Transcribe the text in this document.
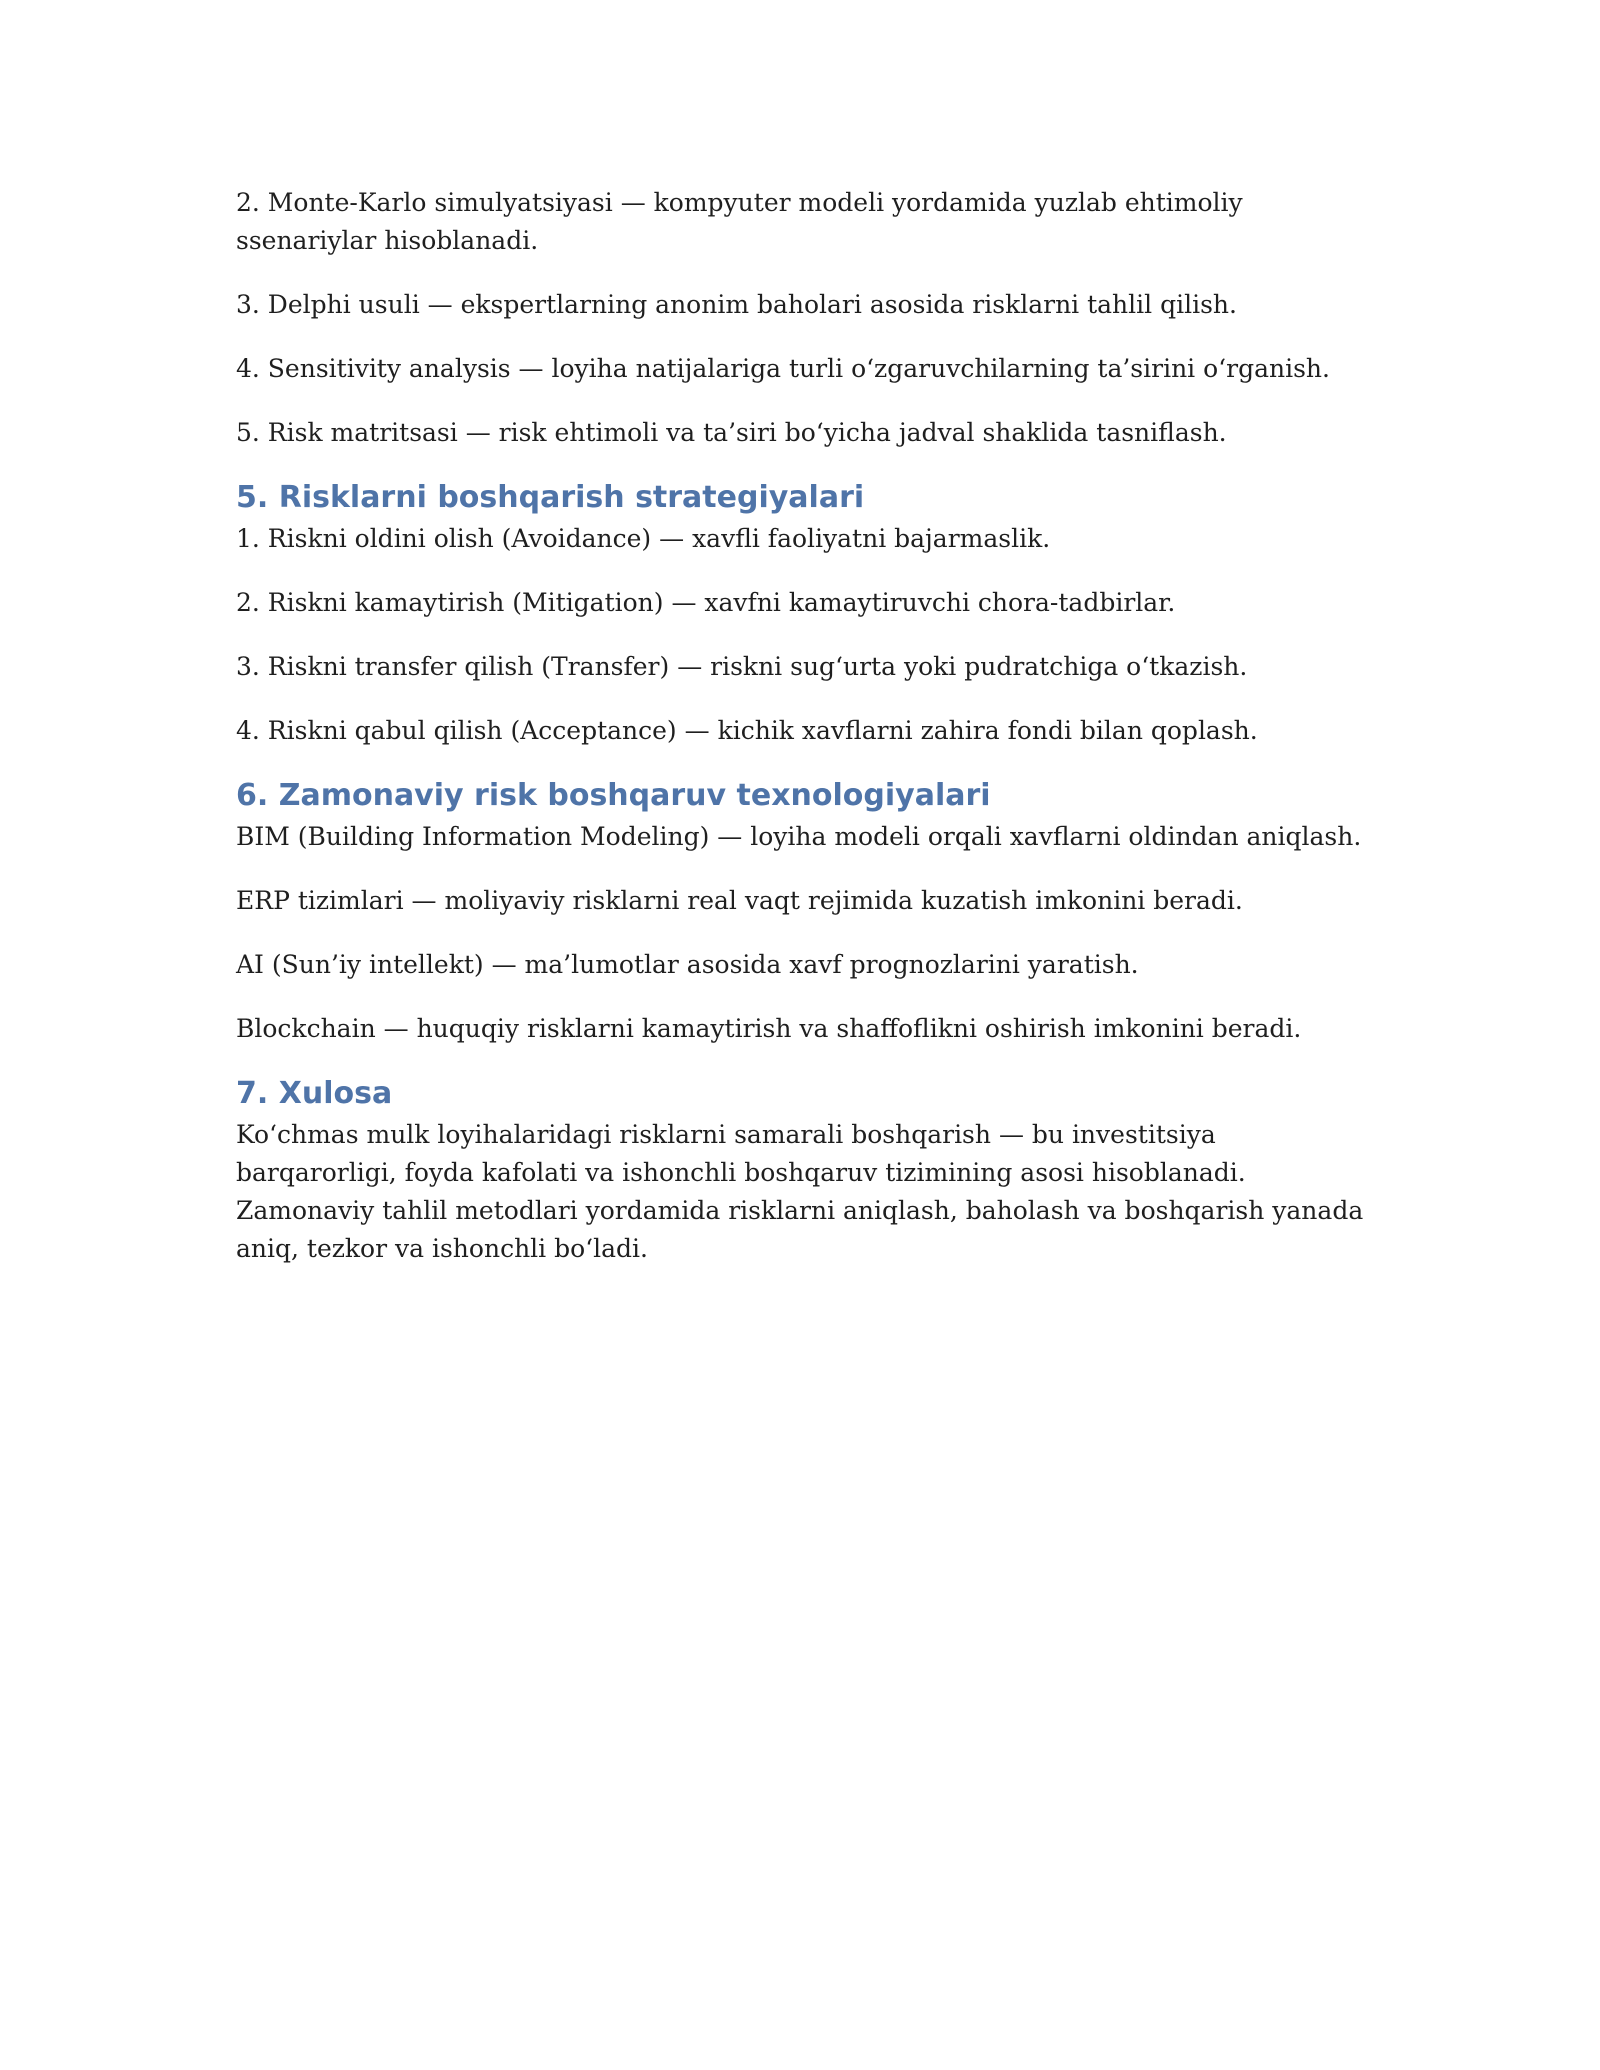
2. Monte-Karlo simulyatsiyasi — kompyuter modeli yordamida yuzlab ehtimoliy ssenariylar hisoblanadi.

3. Delphi usuli — ekspertlarning anonim baholari asosida risklarni tahlil qilish.

4. Sensitivity analysis — loyiha natijalariga turli o‘zgaruvchilarning ta’sirini o‘rganish.

5. Risk matritsasi — risk ehtimoli va ta’siri bo‘yicha jadval shaklida tasniflash.

5. Risklarni boshqarish strategiyalari

1. Riskni oldini olish (Avoidance) — xavfli faoliyatni bajarmaslik.

2. Riskni kamaytirish (Mitigation) — xavfni kamaytiruvchi chora-tadbirlar.

3. Riskni transfer qilish (Transfer) — riskni sug‘urta yoki pudratchiga o‘tkazish.

4. Riskni qabul qilish (Acceptance) — kichik xavflarni zahira fondi bilan qoplash.

6. Zamonaviy risk boshqaruv texnologiyalari

BIM (Building Information Modeling) — loyiha modeli orqali xavflarni oldindan aniqlash.

ERP tizimlari — moliyaviy risklarni real vaqt rejimida kuzatish imkonini beradi.

AI (Sun’iy intellekt) — ma’lumotlar asosida xavf prognozlarini yaratish.

Blockchain — huquqiy risklarni kamaytirish va shaffoflikni oshirish imkonini beradi.

7. Xulosa

Ko‘chmas mulk loyihalaridagi risklarni samarali boshqarish — bu investitsiya barqarorligi, foyda kafolati va ishonchli boshqaruv tizimining asosi hisoblanadi. Zamonaviy tahlil metodlari yordamida risklarni aniqlash, baholash va boshqarish yanada aniq, tezkor va ishonchli bo‘ladi.
